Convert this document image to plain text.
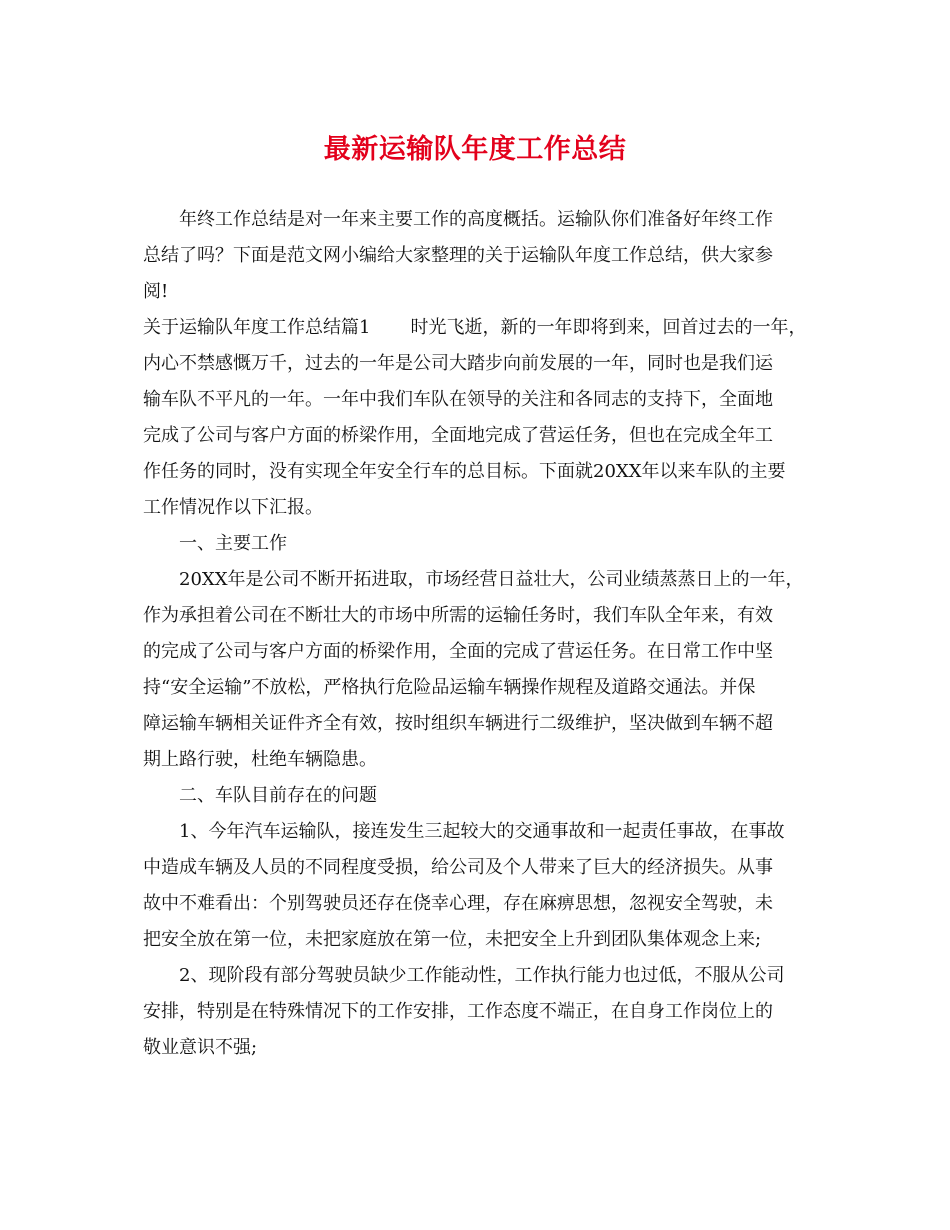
最新运输队年度工作总结
年终工作总结是对一年来主要工作的高度概括。运输队你们准备好年终工作
总结了吗？下面是范文网小编给大家整理的关于运输队年度工作总结，供大家参
阅!
关于运输队年度工作总结篇1 时光飞逝，新的一年即将到来，回首过去的一年，
内心不禁感慨万千，过去的一年是公司大踏步向前发展的一年，同时也是我们运
输车队不平凡的一年。一年中我们车队在领导的关注和各同志的支持下，全面地
完成了公司与客户方面的桥梁作用，全面地完成了营运任务，但也在完成全年工
作任务的同时，没有实现全年安全行车的总目标。下面就20XX年以来车队的主要
工作情况作以下汇报。
一、主要工作
20XX年是公司不断开拓进取，市场经营日益壮大，公司业绩蒸蒸日上的一年，
作为承担着公司在不断壮大的市场中所需的运输任务时，我们车队全年来，有效
的完成了公司与客户方面的桥梁作用，全面的完成了营运任务。在日常工作中坚
持“安全运输”不放松，严格执行危险品运输车辆操作规程及道路交通法。并保
障运输车辆相关证件齐全有效，按时组织车辆进行二级维护，坚决做到车辆不超
期上路行驶，杜绝车辆隐患。
二、车队目前存在的问题
1、今年汽车运输队，接连发生三起较大的交通事故和一起责任事故，在事故
中造成车辆及人员的不同程度受损，给公司及个人带来了巨大的经济损失。从事
故中不难看出：个别驾驶员还存在侥幸心理，存在麻痹思想，忽视安全驾驶，未
把安全放在第一位，未把家庭放在第一位，未把安全上升到团队集体观念上来;
2、现阶段有部分驾驶员缺少工作能动性，工作执行能力也过低，不服从公司
安排，特别是在特殊情况下的工作安排，工作态度不端正，在自身工作岗位上的
敬业意识不强;
